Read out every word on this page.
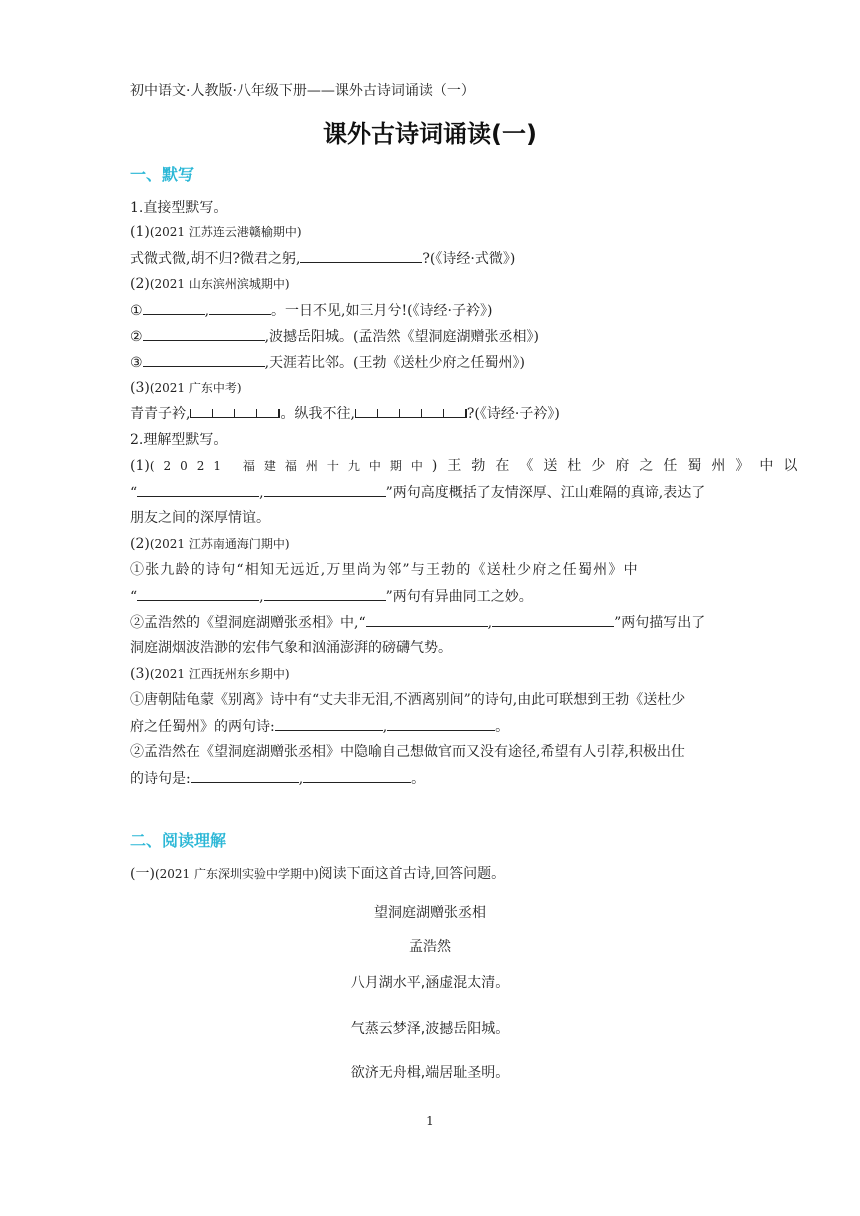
初中语文·人教版·八年级下册——课外古诗词诵读（一）
课外古诗词诵读(一)
一、默写
1.直接型默写。
(1)(2021 江苏连云港赣榆期中)
式微式微,胡不归?微君之躬,	?(《诗经·式微》)
(2)(2021 山东滨州滨城期中)
①	,	。一日不见,如三月兮!(《诗经·子衿》)
②	,波撼岳阳城。(孟浩然《望洞庭湖赠张丞相》)
③	,天涯若比邻。(王勃《送杜少府之任蜀州》)
(3)(2021 广东中考)
青青子衿,	。纵我不往,	?(《诗经·子衿》)
2.理解型默写。
(1)(2021 福建福州十九中期中)王勃在《送杜少府之任蜀州》中以
“	,	”两句高度概括了友情深厚、江山难隔的真谛,表达了
朋友之间的深厚情谊。
(2)(2021 江苏南通海门期中)
①张九龄的诗句“相知无远近,万里尚为邻”与王勃的《送杜少府之任蜀州》中
“	,	”两句有异曲同工之妙。
②孟浩然的《望洞庭湖赠张丞相》中,“	,	”两句描写出了
洞庭湖烟波浩渺的宏伟气象和汹涌澎湃的磅礴气势。
(3)(2021 江西抚州东乡期中)
①唐朝陆龟蒙《别离》诗中有“丈夫非无泪,不洒离别间”的诗句,由此可联想到王勃《送杜少
府之任蜀州》的两句诗:	,	。
②孟浩然在《望洞庭湖赠张丞相》中隐喻自己想做官而又没有途径,希望有人引荐,积极出仕
的诗句是:	,	。
二、阅读理解
(一)(2021 广东深圳实验中学期中)阅读下面这首古诗,回答问题。
望洞庭湖赠张丞相
孟浩然
八月湖水平,涵虚混太清。
气蒸云梦泽,波撼岳阳城。
欲济无舟楫,端居耻圣明。
1
